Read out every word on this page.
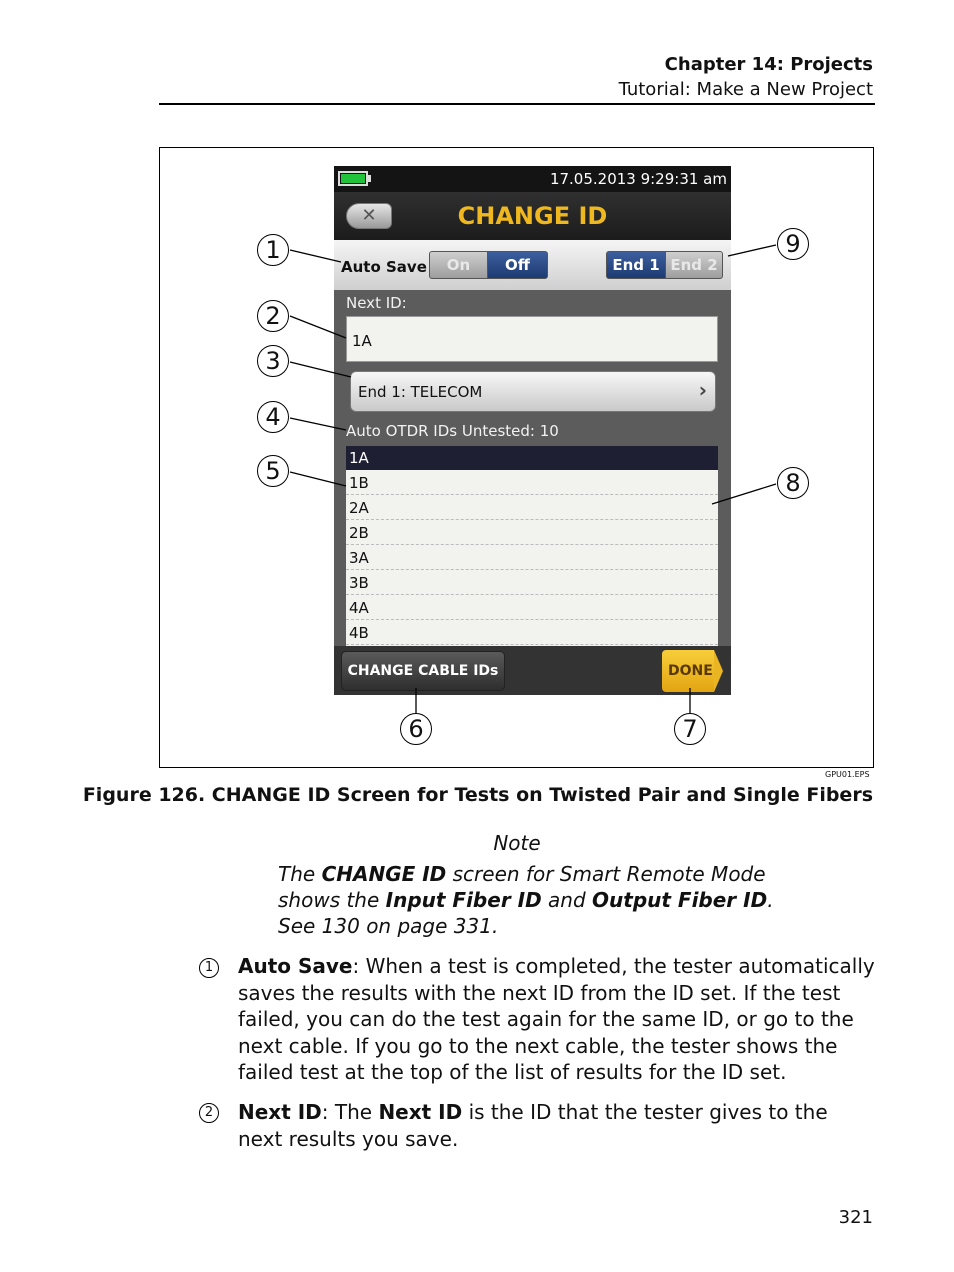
Chapter 14: Projects
Tutorial: Make a New Project
17.05.2013 9:29:31 am
✕	CHANGE ID
Auto Save	On	Off	End 1 End 2
Next ID:
1A
End 1: TELECOM	›
Auto OTDR IDs Untested: 10
1A
1B
2A
2B
3A
3B
4A
4B
CHANGE CABLE IDs	DONE
1
2
3
4
5
6	7
8
9
GPU01.EPS
Figure 126. CHANGE ID Screen for Tests on Twisted Pair and Single Fibers
Note
The CHANGE ID screen for Smart Remote Mode shows the Input Fiber ID and Output Fiber ID. See 130 on page 331.
1 Auto Save: When a test is completed, the tester automatically saves the results with the next ID from the ID set. If the test failed, you can do the test again for the same ID, or go to the next cable. If you go to the next cable, the tester shows the failed test at the top of the list of results for the ID set.
2 Next ID: The Next ID is the ID that the tester gives to the next results you save.
321
